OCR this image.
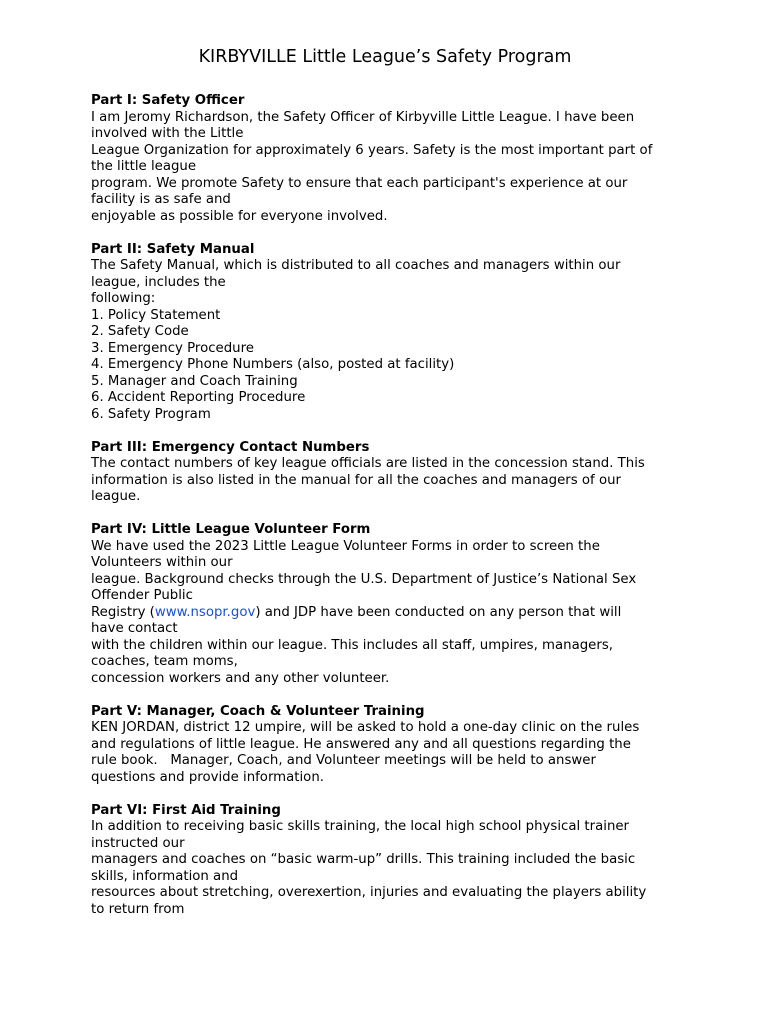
KIRBYVILLE Little League’s Safety Program

Part I: Safety Officer

I am Jeromy Richardson, the Safety Officer of Kirbyville Little League. I have been

involved with the Little

League Organization for approximately 6 years. Safety is the most important part of

the little league

program. We promote Safety to ensure that each participant's experience at our

facility is as safe and

enjoyable as possible for everyone involved.

Part II: Safety Manual

The Safety Manual, which is distributed to all coaches and managers within our

league, includes the

following:

1. Policy Statement

2. Safety Code

3. Emergency Procedure

4. Emergency Phone Numbers (also, posted at facility)

5. Manager and Coach Training

6. Accident Reporting Procedure

6. Safety Program

Part III: Emergency Contact Numbers

The contact numbers of key league officials are listed in the concession stand. This

information is also listed in the manual for all the coaches and managers of our

league.

Part IV: Little League Volunteer Form

We have used the 2023 Little League Volunteer Forms in order to screen the

Volunteers within our

league. Background checks through the U.S. Department of Justice’s National Sex

Offender Public

Registry (www.nsopr.gov) and JDP have been conducted on any person that will

have contact

with the children within our league. This includes all staff, umpires, managers,

coaches, team moms,

concession workers and any other volunteer.

Part V: Manager, Coach & Volunteer Training

KEN JORDAN, district 12 umpire, will be asked to hold a one-day clinic on the rules

and regulations of little league. He answered any and all questions regarding the

rule book.   Manager, Coach, and Volunteer meetings will be held to answer

questions and provide information.

Part VI: First Aid Training

In addition to receiving basic skills training, the local high school physical trainer

instructed our

managers and coaches on “basic warm-up” drills. This training included the basic

skills, information and

resources about stretching, overexertion, injuries and evaluating the players ability

to return from
